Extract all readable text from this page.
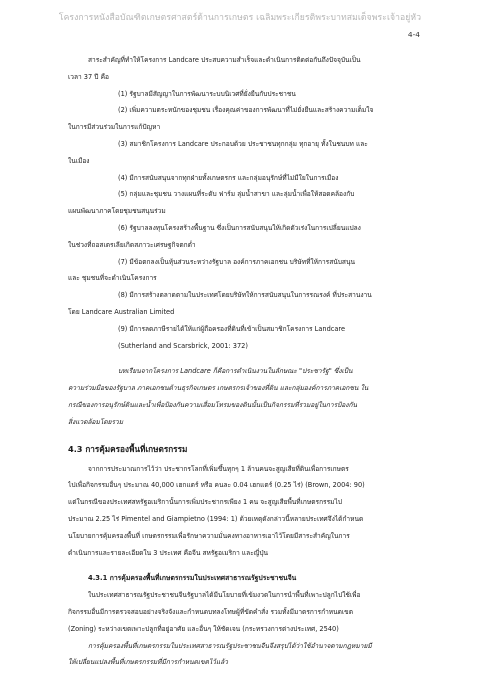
โครงการหนังสือบัณฑิตเกษตรศาสตร์ด้านการเกษตร เฉลิมพระเกียรติพระบาทสมเด็จพระเจ้าอยู่หัว
4-4
สาระสำคัญที่ทำให้โครงการ Landcare ประสบความสำเร็จและดำเนินการติดต่อกันถึงปัจจุบันเป็น
เวลา 37 ปี คือ
(1) รัฐบาลมีสัญญาในการพัฒนาระบบนิเวศที่ยั่งยืนกับประชาชน
(2) เพิ่มความตระหนักของชุมชน เรื่องคุณค่าของการพัฒนาที่ไม่ยั่งยืนและสร้างความเต็มใจ
ในการมีส่วนร่วมในการแก้ปัญหา
(3) สมาชิกโครงการ Landcare ประกอบด้วย ประชาชนทุกกลุ่ม ทุกอายุ ทั้งในชนบท และ
ในเมือง
(4) มีการสนับสนุนจากทุกฝ่ายทั้งเกษตรกร และกลุ่มอนุรักษ์ที่ไม่มีใยในการเมือง
(5) กลุ่มและชุมชน วางแผนที่ระดับ ฟาร์ม ลุ่มน้ำสาขา และลุ่มน้ำเพื่อให้สอดคล้องกับ
แผนพัฒนาภาคโดยชุมชนสนุนร่วม
(6) รัฐบาลลงทุนโครงสร้างพื้นฐาน ซึ่งเป็นการสนับสนุนให้เกิดตัวเร่งในการเปลี่ยนแปลง
ในช่วงที่ถอสเตรเลียเกิดสภาวะเศรษฐกิจตกต่ำ
(7) มีข้อตกลงเป็นหุ้นส่วนระหว่างรัฐบาล องค์การภาคเอกชน บริษัทที่ให้การสนับสนุน
และ ชุมชนที่จะดำเนินโครงการ
(8) มีการสร้างตลาดตามในประเทศโดยบริษัทให้การสนับสนุนในการรณรงค์ ที่ประสานงาน
โดย Landcare Australian Limited
(9) มีการลดภาษีรายได้ให้แก่ผู้ถือครองที่ดินที่เข้าเป็นสมาชิกโครงการ Landcare
(Sutherland and Scarsbrick, 2001: 372)
บทเรียนจากโครงการ Landcare ก็คือการดำเนินงานในลักษณะ "ประชารัฐ" ซึ่งเป็น
ความร่วมมือของรัฐบาล ภาคเอกชนด้านธุรกิจเกษตร เกษตรกรเจ้าของที่ดิน และกลุ่มองค์การภาคเอกชน ใน
กรณีของการอนุรักษ์ดินและน้ำเพื่อป้องกันความเสื่อมโทรมของดินนั้นเป็นกิจกรรมที่รวมอยู่ในการป้องกัน
สิ่งแวดล้อมโดยรวม
4.3 การคุ้มครองพื้นที่เกษตรกรรม
จากการประมาณการไว้ว่า ประชากรโลกที่เพิ่มขึ้นทุกๆ 1 ล้านคนจะสูญเสียที่ดินเพื่อการเกษตร
ไปเพื่อกิจกรรมอื่นๆ ประมาณ 40,000 เฮกแตร์ หรือ คนละ 0.04 เฮกแตร์ (0.25 ไร่) (Brown, 2004: 90)
แต่ในกรณีของประเทศสหรัฐอเมริกานั้นการเพิ่มประชากรเพียง 1 คน จะสูญเสียพื้นที่เกษตรกรรมไป
ประมาณ 2.25 ไร่ Pimentel and Giampietno (1994: 1) ด้วยเหตุดังกล่าวนี้หลายประเทศจึงได้กำหนด
นโยบายการคุ้มครองพื้นที่ เกษตรกรรมเพื่อรักษาความมั่นคงทางอาหารเอาไว้โดยมีสาระสำคัญในการ
ดำเนินการและรายละเอียดใน 3 ประเทศ คือจีน สหรัฐอเมริกา และญี่ปุ่น
4.3.1 การคุ้มครองพื้นที่เกษตรกรรมในประเทศสาธารณรัฐประชาชนจีน
ในประเทศสาธารณรัฐประชาชนจีนรัฐบาลได้มีนโยบายที่เข้มงวดในการนำพื้นที่เพาะปลูกไปใช้เพื่อ
กิจกรรมอื่นมีการตรวจสอบอย่างจริงจังและกำหนดบทลงโทษผู้ที่ขัดคำสั่ง รวมทั้งมีมาตรการกำหนดเขต
(Zoning) ระหว่างเขตเพาะปลูกที่อยู่อาศัย และอื่นๆ ให้ชัดเจน (กระทรวงการต่างประเทศ, 2540)
การคุ้มครองพื้นที่เกษตรกรรมในประเทศสาธารณรัฐประชาชนจีนจึงสรุปได้ว่าใช้อำนาจตามกฎหมายมี
ให้เปลี่ยนแปลงพื้นที่เกษตรกรรมที่มีการกำหนดเขตไว้แล้ว
